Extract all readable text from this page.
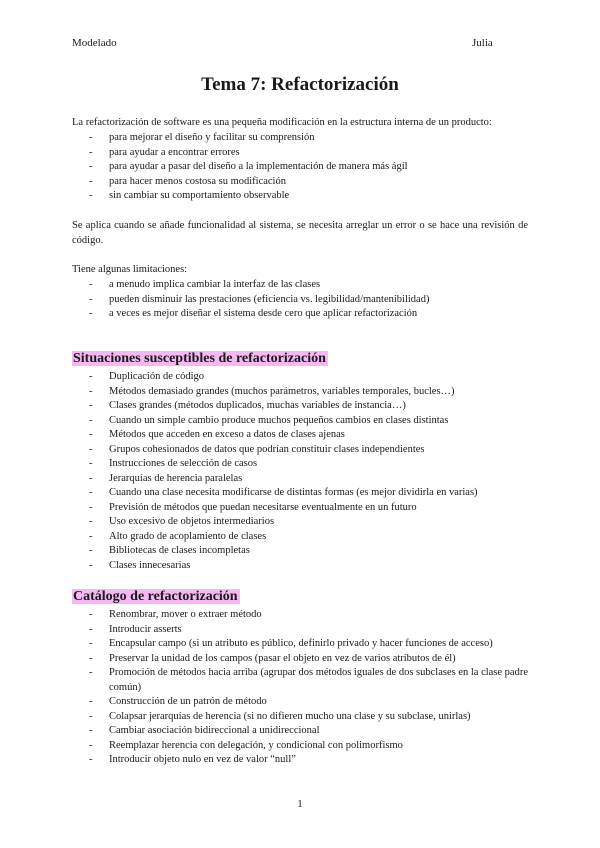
Modelado	Julia
Tema 7: Refactorización
La refactorización de software es una pequeña modificación en la estructura interna de un producto:
- para mejorar el diseño y facilitar su comprensión
- para ayudar a encontrar errores
- para ayudar a pasar del diseño a la implementación de manera más ágil
- para hacer menos costosa su modificación
- sin cambiar su comportamiento observable
Se aplica cuando se añade funcionalidad al sistema, se necesita arreglar un error o se hace una revisión de código.
Tiene algunas limitaciones:
- a menudo implica cambiar la interfaz de las clases
- pueden disminuir las prestaciones (eficiencia vs. legibilidad/mantenibilidad)
- a veces es mejor diseñar el sistema desde cero que aplicar refactorización
Situaciones susceptibles de refactorización
- Duplicación de código
- Métodos demasiado grandes (muchos parámetros, variables temporales, bucles…)
- Clases grandes (métodos duplicados, muchas variables de instancia…)
- Cuando un simple cambio produce muchos pequeños cambios en clases distintas
- Métodos que acceden en exceso a datos de clases ajenas
- Grupos cohesionados de datos que podrían constituir clases independientes
- Instrucciones de selección de casos
- Jerarquías de herencia paralelas
- Cuando una clase necesita modificarse de distintas formas (es mejor dividirla en varias)
- Previsión de métodos que puedan necesitarse eventualmente en un futuro
- Uso excesivo de objetos intermediarios
- Alto grado de acoplamiento de clases
- Bibliotecas de clases incompletas
- Clases innecesarias
Catálogo de refactorización
- Renombrar, mover o extraer método
- Introducir asserts
- Encapsular campo (si un atributo es público, definirlo privado y hacer funciones de acceso)
- Preservar la unidad de los campos (pasar el objeto en vez de varios atributos de él)
- Promoción de métodos hacia arriba (agrupar dos métodos iguales de dos subclases en la clase padre común)
- Construcción de un patrón de método
- Colapsar jerarquías de herencia (si no difieren mucho una clase y su subclase, unirlas)
- Cambiar asociación bidireccional a unidireccional
- Reemplazar herencia con delegación, y condicional con polimorfismo
- Introducir objeto nulo en vez de valor “null”
1
